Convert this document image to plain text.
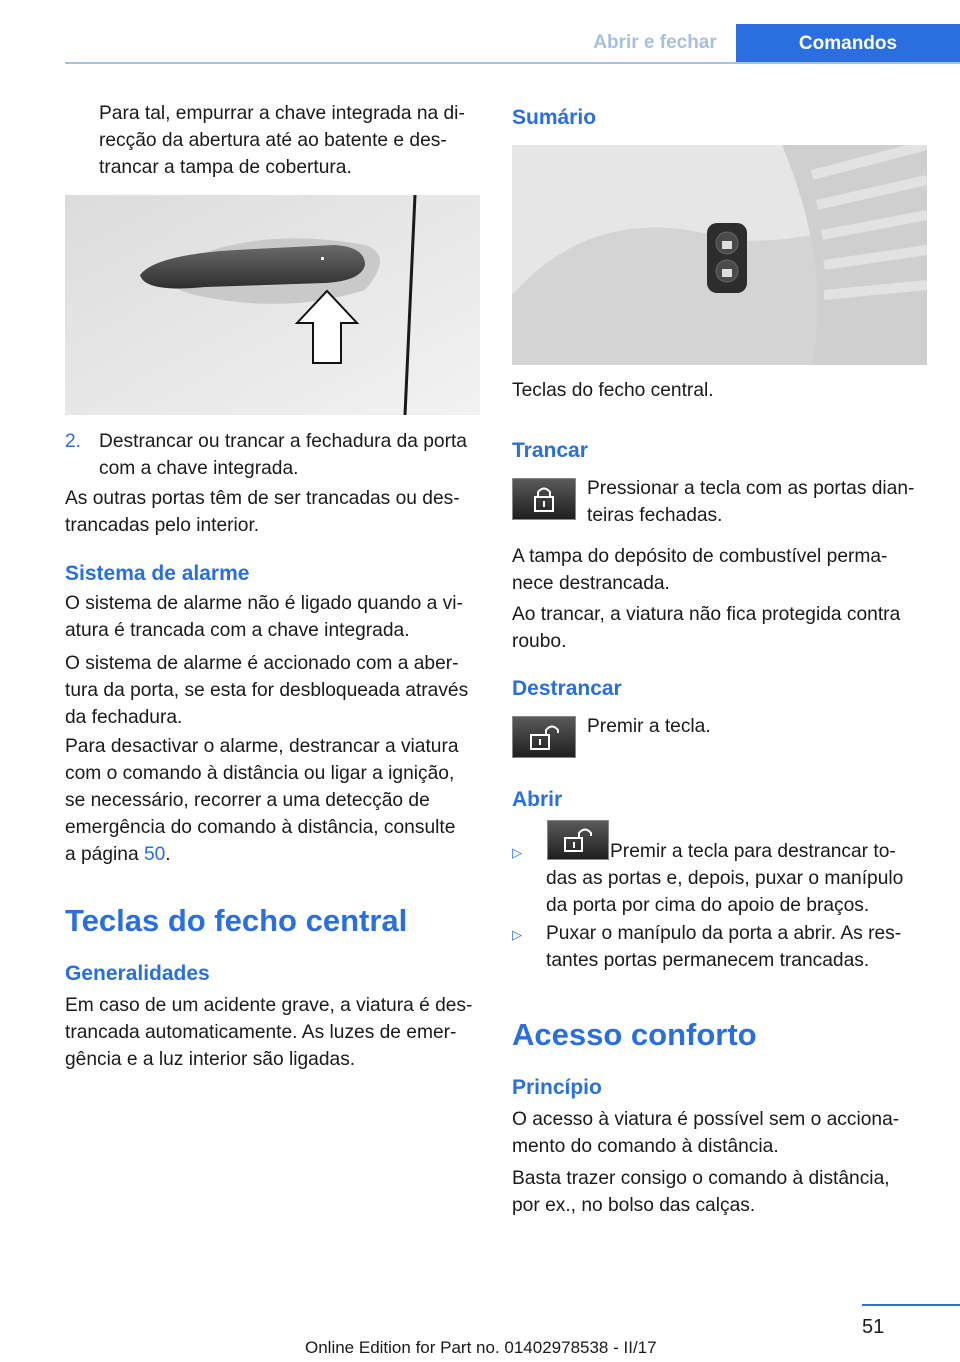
Abrir e fechar	Comandos

Para tal, empurrar a chave integrada na di-
recção da abertura até ao batente e des-
trancar a tampa de cobertura.

2. Destrancar ou trancar a fechadura da porta
com a chave integrada.

As outras portas têm de ser trancadas ou des-
trancadas pelo interior.

Sistema de alarme

O sistema de alarme não é ligado quando a vi-
atura é trancada com a chave integrada.

O sistema de alarme é accionado com a aber-
tura da porta, se esta for desbloqueada através
da fechadura.

Para desactivar o alarme, destrancar a viatura
com o comando à distância ou ligar a ignição,
se necessário, recorrer a uma detecção de
emergência do comando à distância, consulte
a página 50.

Teclas do fecho central
Generalidades

Em caso de um acidente grave, a viatura é des-
trancada automaticamente. As luzes de emer-
gência e a luz interior são ligadas.

Sumário

Teclas do fecho central.

Trancar

Pressionar a tecla com as portas dian-
teiras fechadas.

A tampa do depósito de combustível perma-
nece destrancada.

Ao trancar, a viatura não fica protegida contra
roubo.

Destrancar

Premir a tecla.

Abrir
▷	Premir a tecla para destrancar to-
das as portas e, depois, puxar o manípulo
da porta por cima do apoio de braços.

▷ Puxar o manípulo da porta a abrir. As res-
tantes portas permanecem trancadas.

Acesso conforto
Princípio

O acesso à viatura é possível sem o acciona-
mento do comando à distância.

Basta trazer consigo o comando à distância,
por ex., no bolso das calças.

51
Online Edition for Part no. 01402978538 - II/17
